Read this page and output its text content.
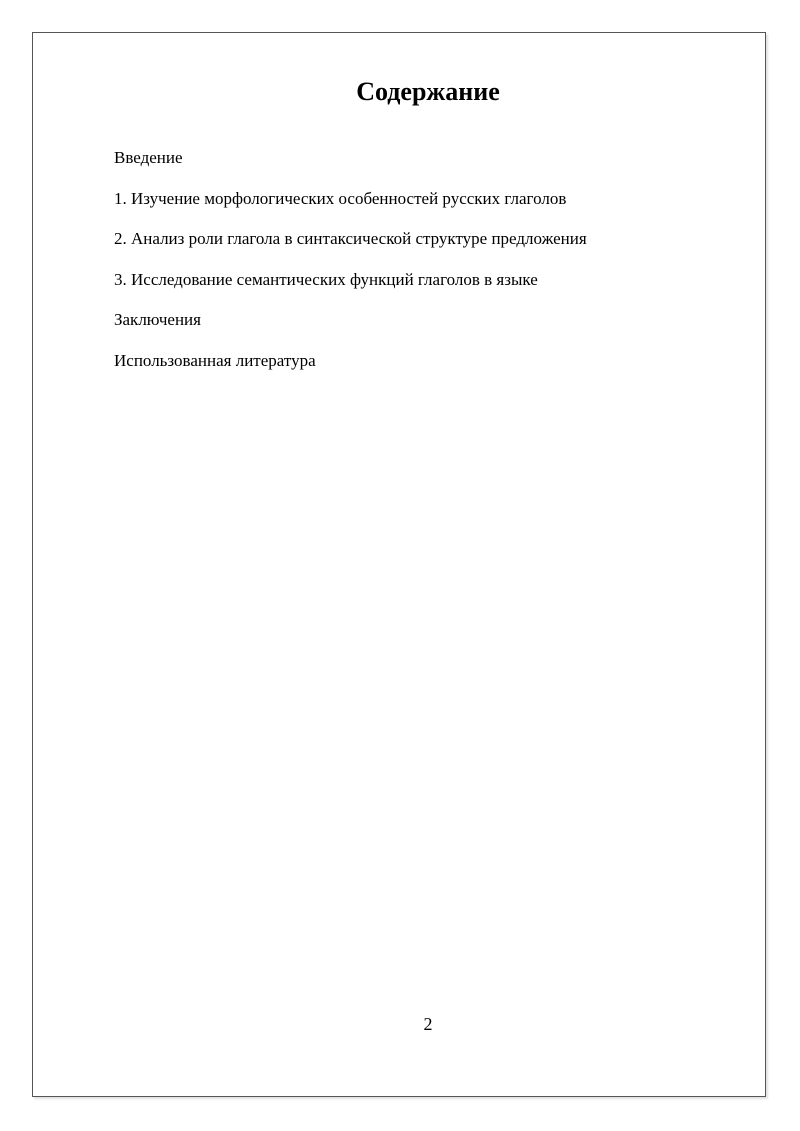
Содержание
Введение
1. Изучение морфологических особенностей русских глаголов
2. Анализ роли глагола в синтаксической структуре предложения
3. Исследование семантических функций глаголов в языке
Заключения
Использованная литература
2
